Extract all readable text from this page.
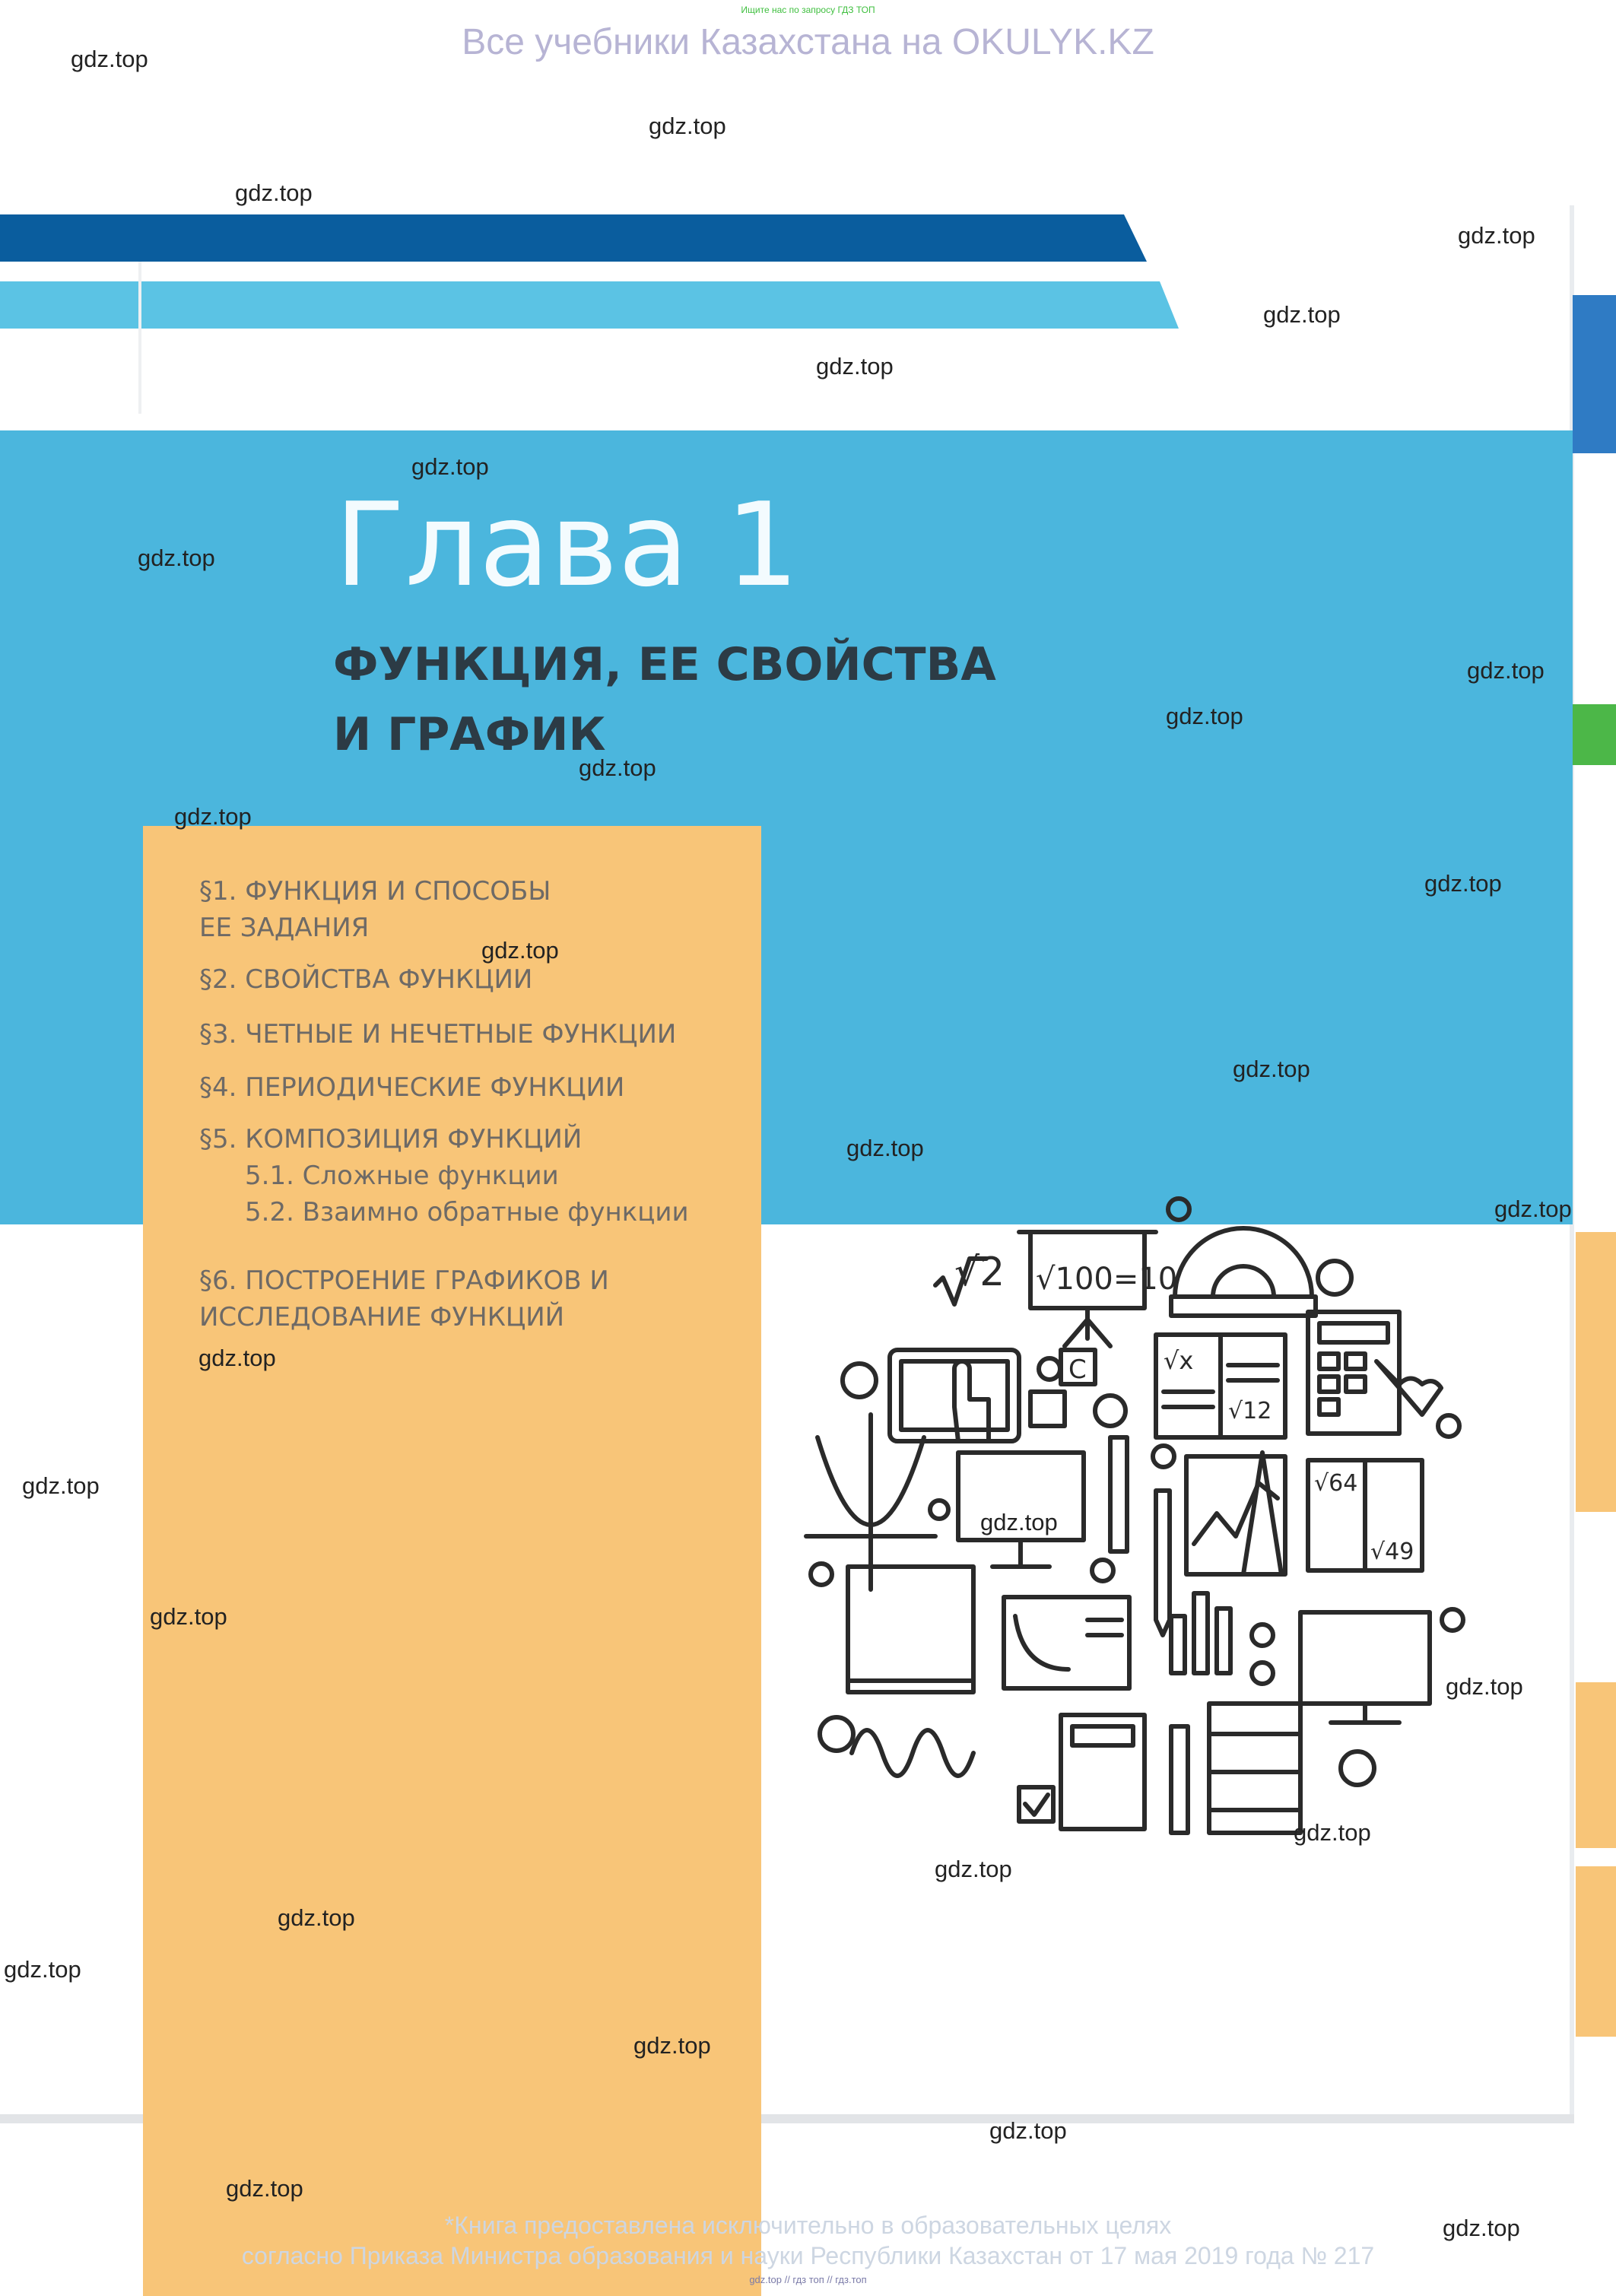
Ищите нас по запросу ГДЗ ТОП
Все учебники Казахстана на OKULYK.KZ
Глава 1
ФУНКЦИЯ, ЕЕ СВОЙСТВА
И ГРАФИК
§1. ФУНКЦИЯ И СПОСОБЫ
ЕЕ ЗАДАНИЯ
§2. СВОЙСТВА ФУНКЦИИ
§3. ЧЕТНЫЕ И НЕЧЕТНЫЕ ФУНКЦИИ
§4. ПЕРИОДИЧЕСКИЕ ФУНКЦИИ
§5. КОМПОЗИЦИЯ ФУНКЦИЙ
5.1. Сложные функции
5.2. Взаимно обратные функции
§6. ПОСТРОЕНИЕ ГРАФИКОВ И
ИССЛЕДОВАНИЕ ФУНКЦИЙ
√2 √100=10
C	√x
√12
√64
√49
gdz.top
gdz.top
gdz.top
gdz.top
gdz.top
gdz.top
gdz.top
gdz.top
gdz.top
gdz.top
gdz.top
gdz.top
gdz.top
gdz.top
gdz.top
gdz.top
gdz.top
gdz.top
gdz.top
gdz.top
gdz.top
gdz.top
gdz.top
gdz.top
gdz.top
gdz.top
gdz.top
gdz.top
gdz.top
gdz.top
*Книга предоставлена исключительно в образовательных целях
согласно Приказа Министра образования и науки Республики Казахстан от 17 мая 2019 года № 217
gdz.top // гдз топ // гдз.топ
